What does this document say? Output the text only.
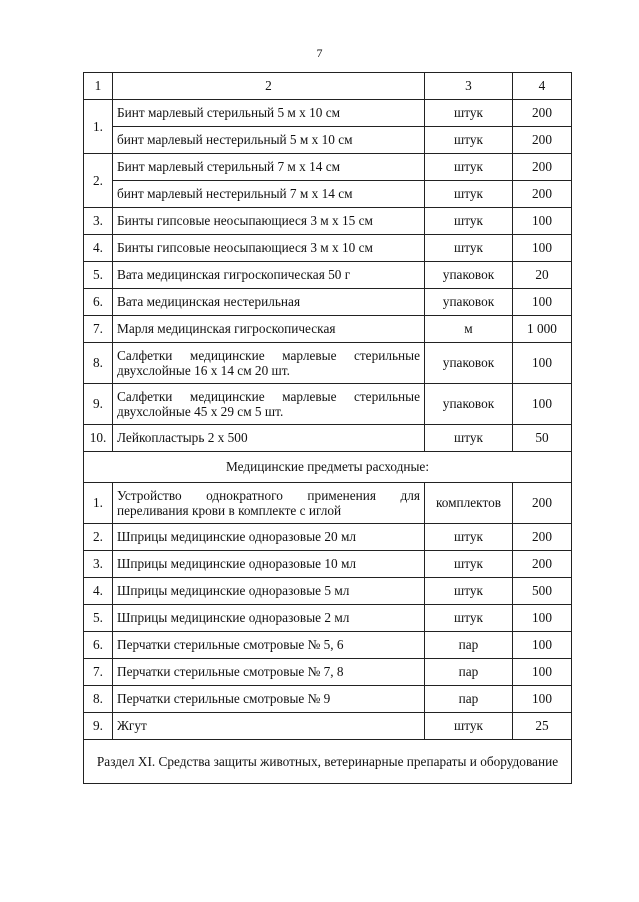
7
1	2	3	4
1.	Бинт марлевый стерильный 5 м х 10 см	штук	200
	бинт марлевый нестерильный 5 м х 10 см	штук	200
2.	Бинт марлевый стерильный 7 м х 14 см	штук	200
	бинт марлевый нестерильный 7 м х 14 см	штук	200
3.	Бинты гипсовые неосыпающиеся 3 м х 15 см	штук	100
4.	Бинты гипсовые неосыпающиеся 3 м х 10 см	штук	100
5.	Вата медицинская гигроскопическая 50 г	упаковок	20
6.	Вата медицинская нестерильная	упаковок	100
7.	Марля медицинская гигроскопическая	м	1 000
8.	Салфетки медицинские марлевые стерильные двухслойные 16 х 14 см 20 шт.	упаковок	100
9.	Салфетки медицинские марлевые стерильные двухслойные 45 х 29 см 5 шт.	упаковок	100
10.	Лейкопластырь 2 х 500	штук	50
Медицинские предметы расходные:			
1.	Устройство однократного применения для переливания крови в комплекте с иглой	комплектов	200
2.	Шприцы медицинские одноразовые 20 мл	штук	200
3.	Шприцы медицинские одноразовые 10 мл	штук	200
4.	Шприцы медицинские одноразовые 5 мл	штук	500
5.	Шприцы медицинские одноразовые 2 мл	штук	100
6.	Перчатки стерильные смотровые № 5, 6	пар	100
7.	Перчатки стерильные смотровые № 7, 8	пар	100
8.	Перчатки стерильные смотровые № 9	пар	100
9.	Жгут	штук	25
Раздел XI. Средства защиты животных, ветеринарные препараты и оборудование			
